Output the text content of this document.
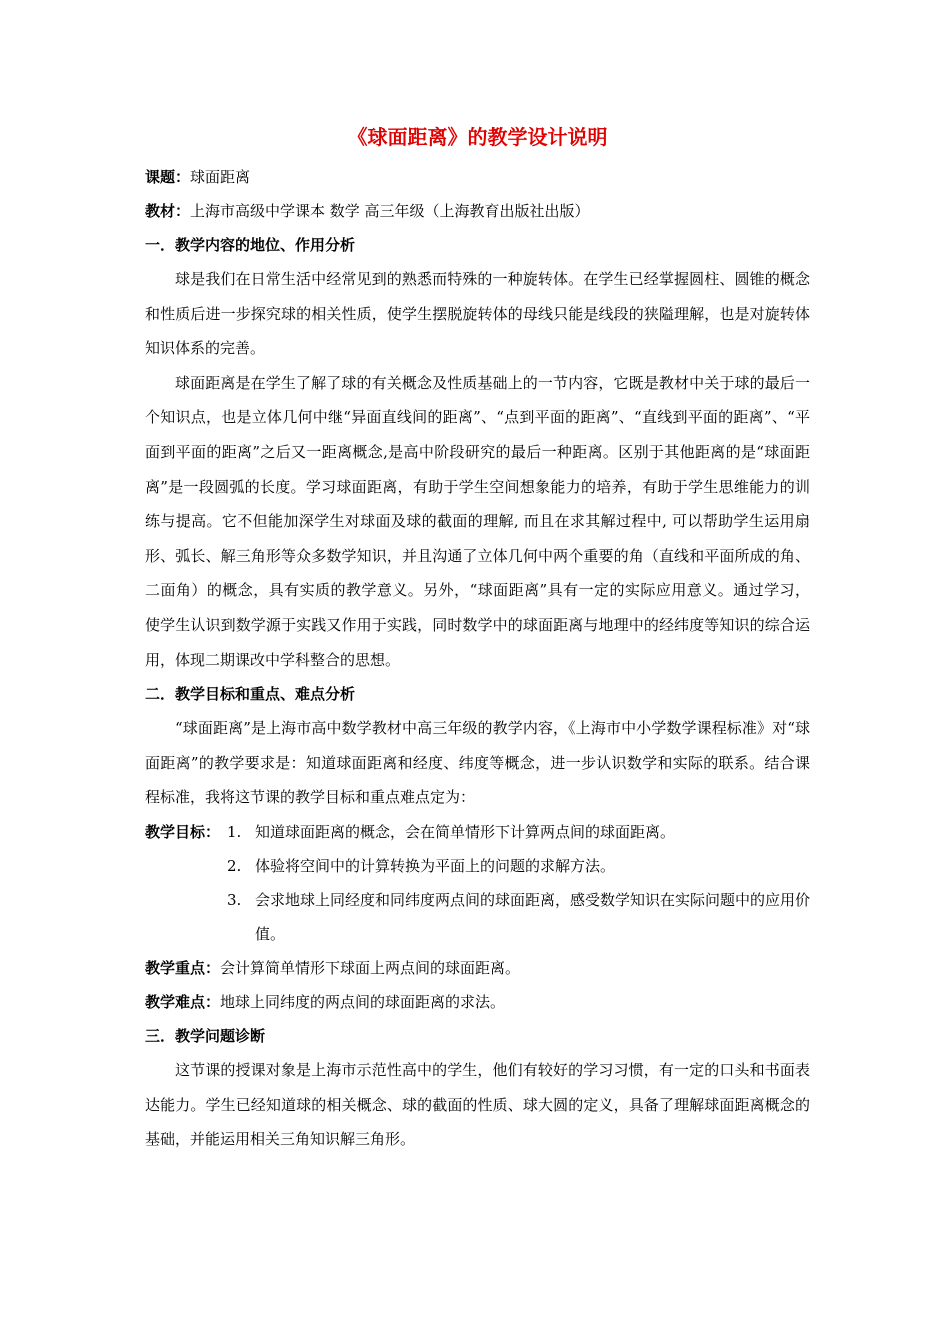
《球面距离》的教学设计说明

课题：球面距离

教材：上海市高级中学课本 数学 高三年级（上海教育出版社出版）

一．教学内容的地位、作用分析

球是我们在日常生活中经常见到的熟悉而特殊的一种旋转体。在学生已经掌握圆柱、圆锥的概念和性质后进一步探究球的相关性质，使学生摆脱旋转体的母线只能是线段的狭隘理解，也是对旋转体知识体系的完善。

球面距离是在学生了解了球的有关概念及性质基础上的一节内容，它既是教材中关于球的最后一个知识点，也是立体几何中继“异面直线间的距离”、“点到平面的距离”、“直线到平面的距离”、“平面到平面的距离”之后又一距离概念,是高中阶段研究的最后一种距离。区别于其他距离的是“球面距离”是一段圆弧的长度。学习球面距离，有助于学生空间想象能力的培养，有助于学生思维能力的训练与提高。它不但能加深学生对球面及球的截面的理解, 而且在求其解过程中, 可以帮助学生运用扇形、弧长、解三角形等众多数学知识，并且沟通了立体几何中两个重要的角（直线和平面所成的角、二面角）的概念，具有实质的教学意义。另外，“球面距离”具有一定的实际应用意义。通过学习， 使学生认识到数学源于实践又作用于实践，同时数学中的球面距离与地理中的经纬度等知识的综合运用，体现二期课改中学科整合的思想。

二．教学目标和重点、难点分析

“球面距离”是上海市高中数学教材中高三年级的教学内容，《上海市中小学数学课程标准》对“球面距离”的教学要求是：知道球面距离和经度、纬度等概念，进一步认识数学和实际的联系。结合课程标准，我将这节课的教学目标和重点难点定为：

教学目标： 1. 知道球面距离的概念，会在简单情形下计算两点间的球面距离。
2. 体验将空间中的计算转换为平面上的问题的求解方法。
3. 会求地球上同经度和同纬度两点间的球面距离，感受数学知识在实际问题中的应用价值。

教学重点：会计算简单情形下球面上两点间的球面距离。

教学难点：地球上同纬度的两点间的球面距离的求法。

三．教学问题诊断

这节课的授课对象是上海市示范性高中的学生，他们有较好的学习习惯，有一定的口头和书面表达能力。学生已经知道球的相关概念、球的截面的性质、球大圆的定义，具备了理解球面距离概念的基础，并能运用相关三角知识解三角形。
